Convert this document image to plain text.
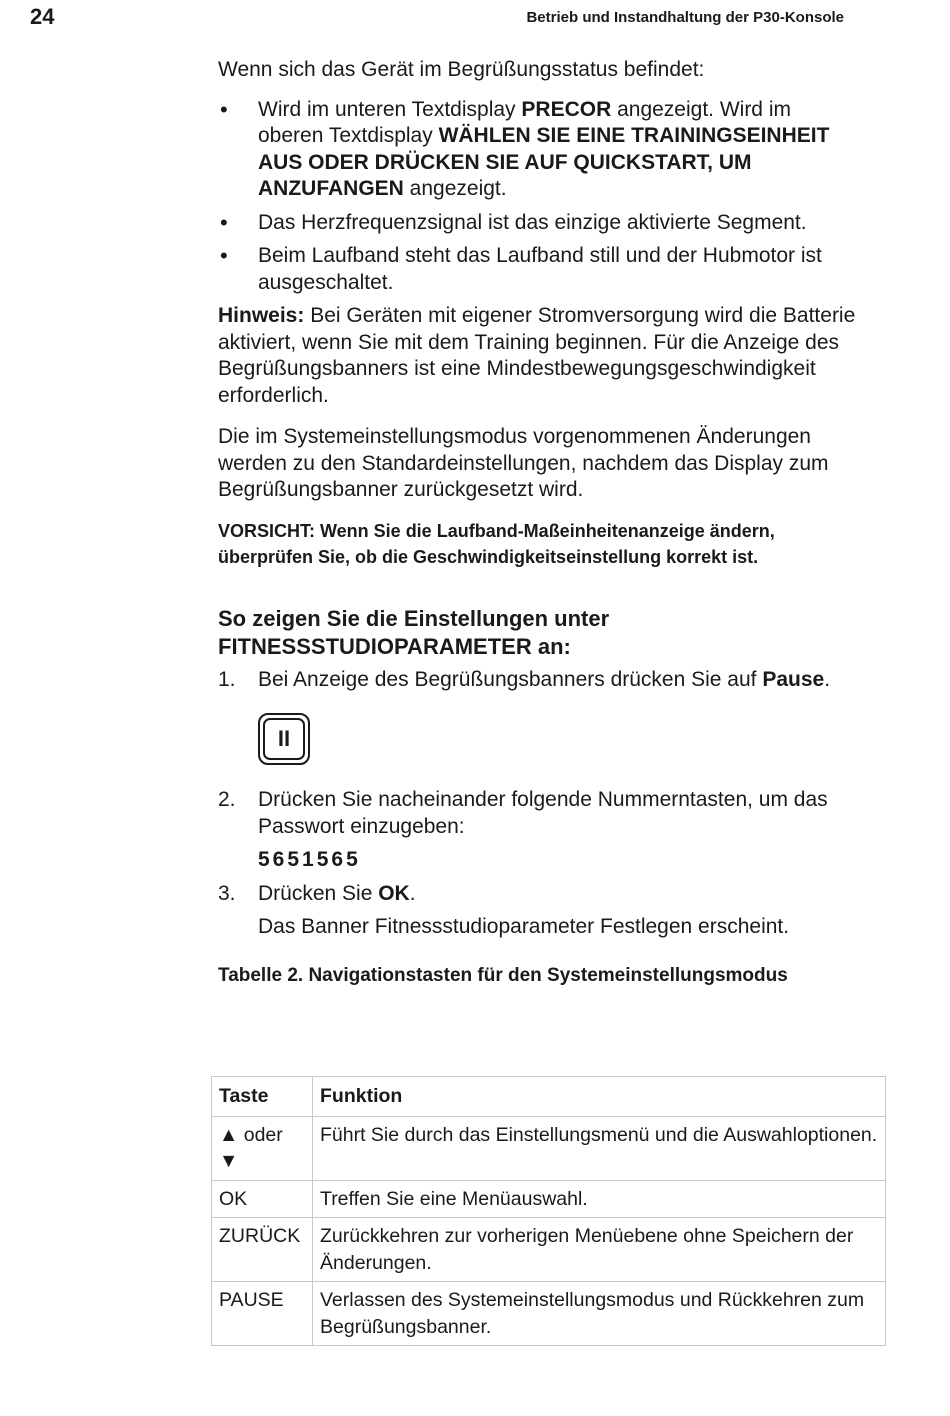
24	Betrieb und Instandhaltung der P30-Konsole

Wenn sich das Gerät im Begrüßungsstatus befindet:

• Wird im unteren Textdisplay PRECOR angezeigt. Wird im oberen Textdisplay WÄHLEN SIE EINE TRAININGSEINHEIT AUS ODER DRÜCKEN SIE AUF QUICKSTART, UM ANZUFANGEN angezeigt.
• Das Herzfrequenzsignal ist das einzige aktivierte Segment.
• Beim Laufband steht das Laufband still und der Hubmotor ist ausgeschaltet.

Hinweis: Bei Geräten mit eigener Stromversorgung wird die Batterie aktiviert, wenn Sie mit dem Training beginnen. Für die Anzeige des Begrüßungsbanners ist eine Mindestbewegungsgeschwindigkeit erforderlich.

Die im Systemeinstellungsmodus vorgenommenen Änderungen werden zu den Standardeinstellungen, nachdem das Display zum Begrüßungsbanner zurückgesetzt wird.

VORSICHT: Wenn Sie die Laufband-Maßeinheitenanzeige ändern, überprüfen Sie, ob die Geschwindigkeitseinstellung korrekt ist.

So zeigen Sie die Einstellungen unter FITNESSSTUDIOPARAMETER an:
1. Bei Anzeige des Begrüßungsbanners drücken Sie auf Pause.
II
2. Drücken Sie nacheinander folgende Nummerntasten, um das Passwort einzugeben:
5651565
3. Drücken Sie OK.
Das Banner Fitnessstudioparameter Festlegen erscheint.
Tabelle 2. Navigationstasten für den Systemeinstellungsmodus
Taste	Funktion
▲ oder
▼	Führt Sie durch das Einstellungsmenü und die Auswahloptionen.
OK	Treffen Sie eine Menüauswahl.
ZURÜCK	Zurückkehren zur vorherigen Menüebene ohne Speichern der Änderungen.
PAUSE	Verlassen des Systemeinstellungsmodus und Rückkehren zum Begrüßungsbanner.
